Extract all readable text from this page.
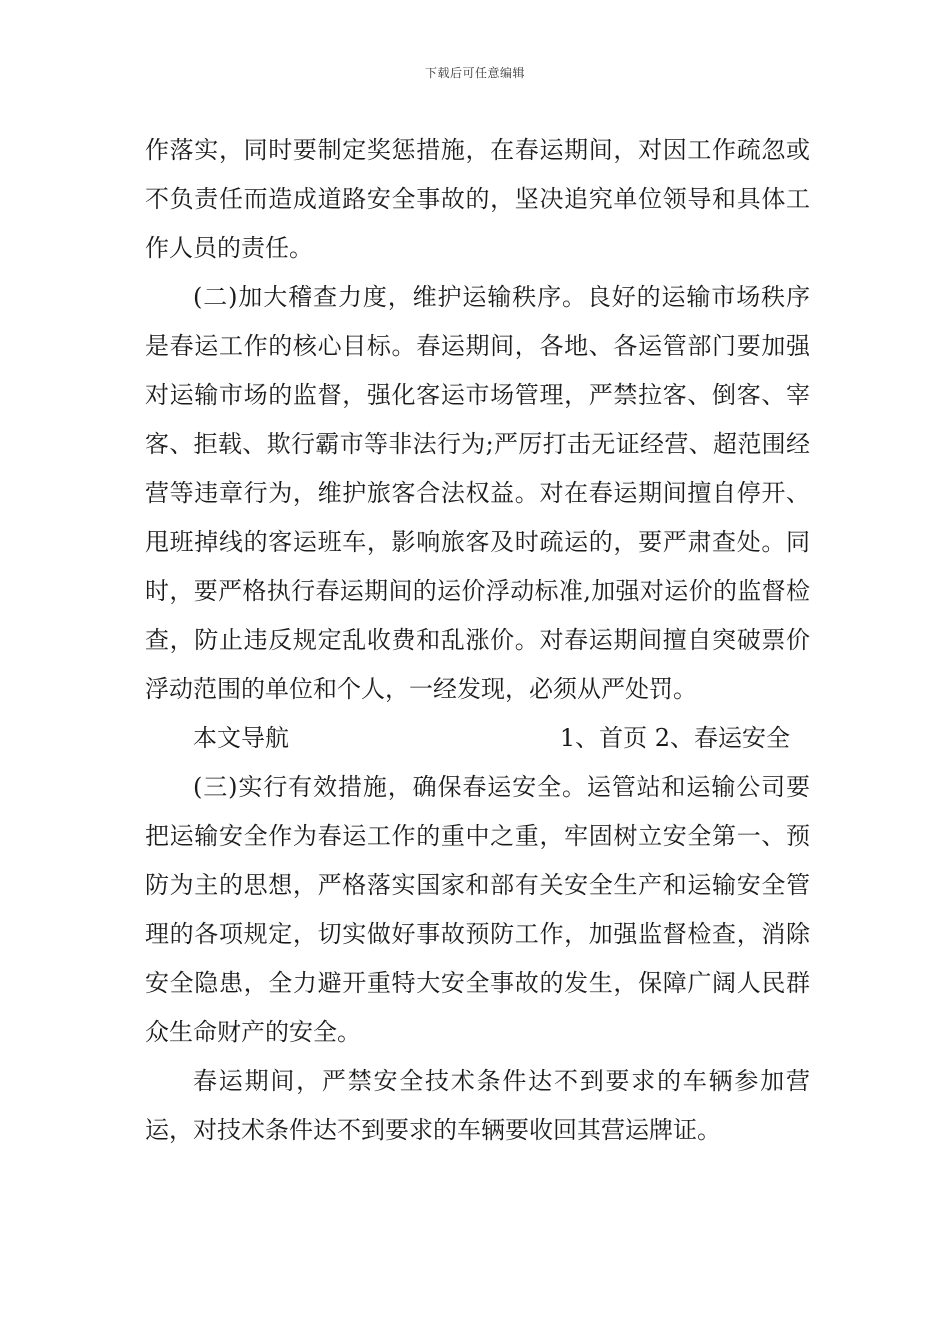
下载后可任意编辑

作落实，同时要制定奖惩措施，在春运期间，对因工作疏忽或不负责任而造成道路安全事故的，坚决追究单位领导和具体工作人员的责任。

(二)加大稽查力度，维护运输秩序。良好的运输市场秩序是春运工作的核心目标。春运期间，各地、各运管部门要加强对运输市场的监督，强化客运市场管理，严禁拉客、倒客、宰客、拒载、欺行霸市等非法行为;严厉打击无证经营、超范围经营等违章行为，维护旅客合法权益。对在春运期间擅自停开、甩班掉线的客运班车，影响旅客及时疏运的，要严肃查处。同时，要严格执行春运期间的运价浮动标准,加强对运价的监督检查，防止违反规定乱收费和乱涨价。对春运期间擅自突破票价浮动范围的单位和个人，一经发现，必须从严处罚。

本文导航	1、首页 2、春运安全

(三)实行有效措施，确保春运安全。运管站和运输公司要把运输安全作为春运工作的重中之重，牢固树立安全第一、预防为主的思想，严格落实国家和部有关安全生产和运输安全管理的各项规定，切实做好事故预防工作，加强监督检查，消除安全隐患，全力避开重特大安全事故的发生，保障广阔人民群众生命财产的安全。

春运期间，严禁安全技术条件达不到要求的车辆参加营运，对技术条件达不到要求的车辆要收回其营运牌证。
